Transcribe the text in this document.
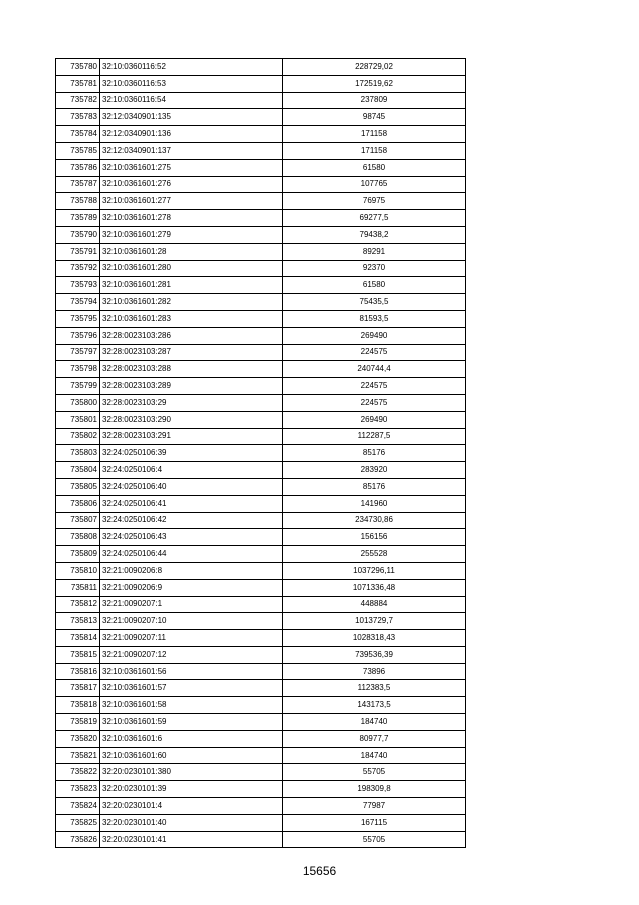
735780	32:10:0360116:52	228729,02
735781	32:10:0360116:53	172519,62
735782	32:10:0360116:54	237809
735783	32:12:0340901:135	98745
735784	32:12:0340901:136	171158
735785	32:12:0340901:137	171158
735786	32:10:0361601:275	61580
735787	32:10:0361601:276	107765
735788	32:10:0361601:277	76975
735789	32:10:0361601:278	69277,5
735790	32:10:0361601:279	79438,2
735791	32:10:0361601:28	89291
735792	32:10:0361601:280	92370
735793	32:10:0361601:281	61580
735794	32:10:0361601:282	75435,5
735795	32:10:0361601:283	81593,5
735796	32:28:0023103:286	269490
735797	32:28:0023103:287	224575
735798	32:28:0023103:288	240744,4
735799	32:28:0023103:289	224575
735800	32:28:0023103:29	224575
735801	32:28:0023103:290	269490
735802	32:28:0023103:291	112287,5
735803	32:24:0250106:39	85176
735804	32:24:0250106:4	283920
735805	32:24:0250106:40	85176
735806	32:24:0250106:41	141960
735807	32:24:0250106:42	234730,86
735808	32:24:0250106:43	156156
735809	32:24:0250106:44	255528
735810	32:21:0090206:8	1037296,11
735811	32:21:0090206:9	1071336,48
735812	32:21:0090207:1	448884
735813	32:21:0090207:10	1013729,7
735814	32:21:0090207:11	1028318,43
735815	32:21:0090207:12	739536,39
735816	32:10:0361601:56	73896
735817	32:10:0361601:57	112383,5
735818	32:10:0361601:58	143173,5
735819	32:10:0361601:59	184740
735820	32:10:0361601:6	80977,7
735821	32:10:0361601:60	184740
735822	32:20:0230101:380	55705
735823	32:20:0230101:39	198309,8
735824	32:20:0230101:4	77987
735825	32:20:0230101:40	167115
735826	32:20:0230101:41	55705
15656
